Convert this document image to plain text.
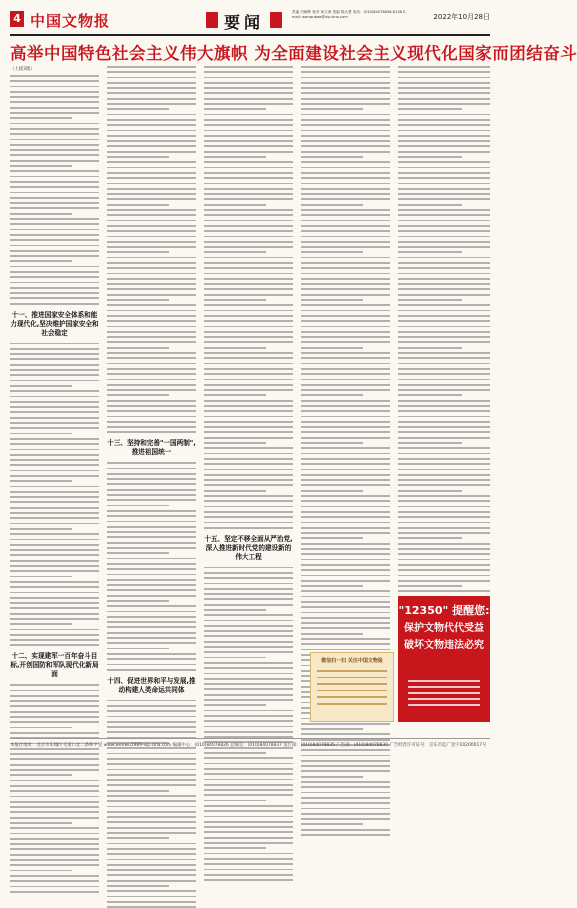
4 中国文物报	要闻
责编 冯朝晖 校对 何文涛 美编 陈大勇 电话：(010)84078836-6136 E-mail: wenwubao@vip.sina.com	2022年10月28日
高举中国特色社会主义伟大旗帜 为全面建设社会主义现代化国家而团结奋斗
（上接3版）
十一、推进国家安全体系和能力现代化,坚决维护国家安全和社会稳定
十二、实现建军一百年奋斗目标,开创国防和军队现代化新局面
十三、坚持和完善"一国两制",推进祖国统一
十四、促进世界和平与发展,推动构建人类命运共同体
十五、坚定不移全面从严治党,深入推进新时代党的建设新的伟大工程
微信扫一扫 关注中国文物报
"12350" 提醒您:
保护文物代代受益
破坏文物违法必究
本报社地址：北京市东城区交道口北二条和平里 www.wenwu1989-vip.sina.com 编辑中心：(010)84078826 总编室：(010)84078837 发行部：(010)84078835 广告部：(010)84078830 广告经营许可证号：京东市监广登字20200017号
